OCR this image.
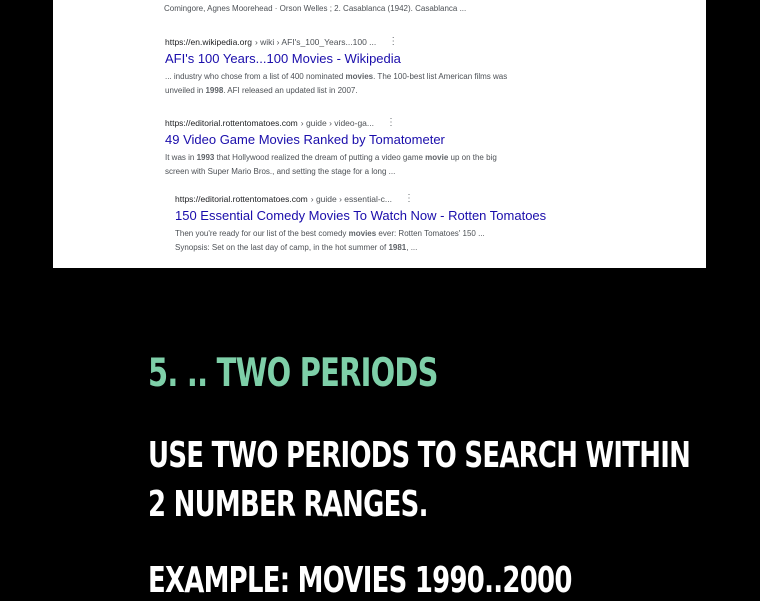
Comingore, Agnes Moorehead · Orson Welles ; 2. Casablanca (1942). Casablanca ...
https://en.wikipedia.org › wiki › AFI's_100_Years...100 ... ⋮
AFI's 100 Years...100 Movies - Wikipedia
... industry who chose from a list of 400 nominated movies. The 100-best list American films was
unveiled in 1998. AFI released an updated list in 2007.
https://editorial.rottentomatoes.com › guide › video-ga... ⋮
49 Video Game Movies Ranked by Tomatometer
It was in 1993 that Hollywood realized the dream of putting a video game movie up on the big
screen with Super Mario Bros., and setting the stage for a long ...
https://editorial.rottentomatoes.com › guide › essential-c... ⋮
150 Essential Comedy Movies To Watch Now - Rotten Tomatoes
Then you're ready for our list of the best comedy movies ever: Rotten Tomatoes' 150 ...
Synopsis: Set on the last day of camp, in the hot summer of 1981, ...
5. .. TWO PERIODS
USE TWO PERIODS TO SEARCH WITHIN
2 NUMBER RANGES.
EXAMPLE: MOVIES 1990..2000
